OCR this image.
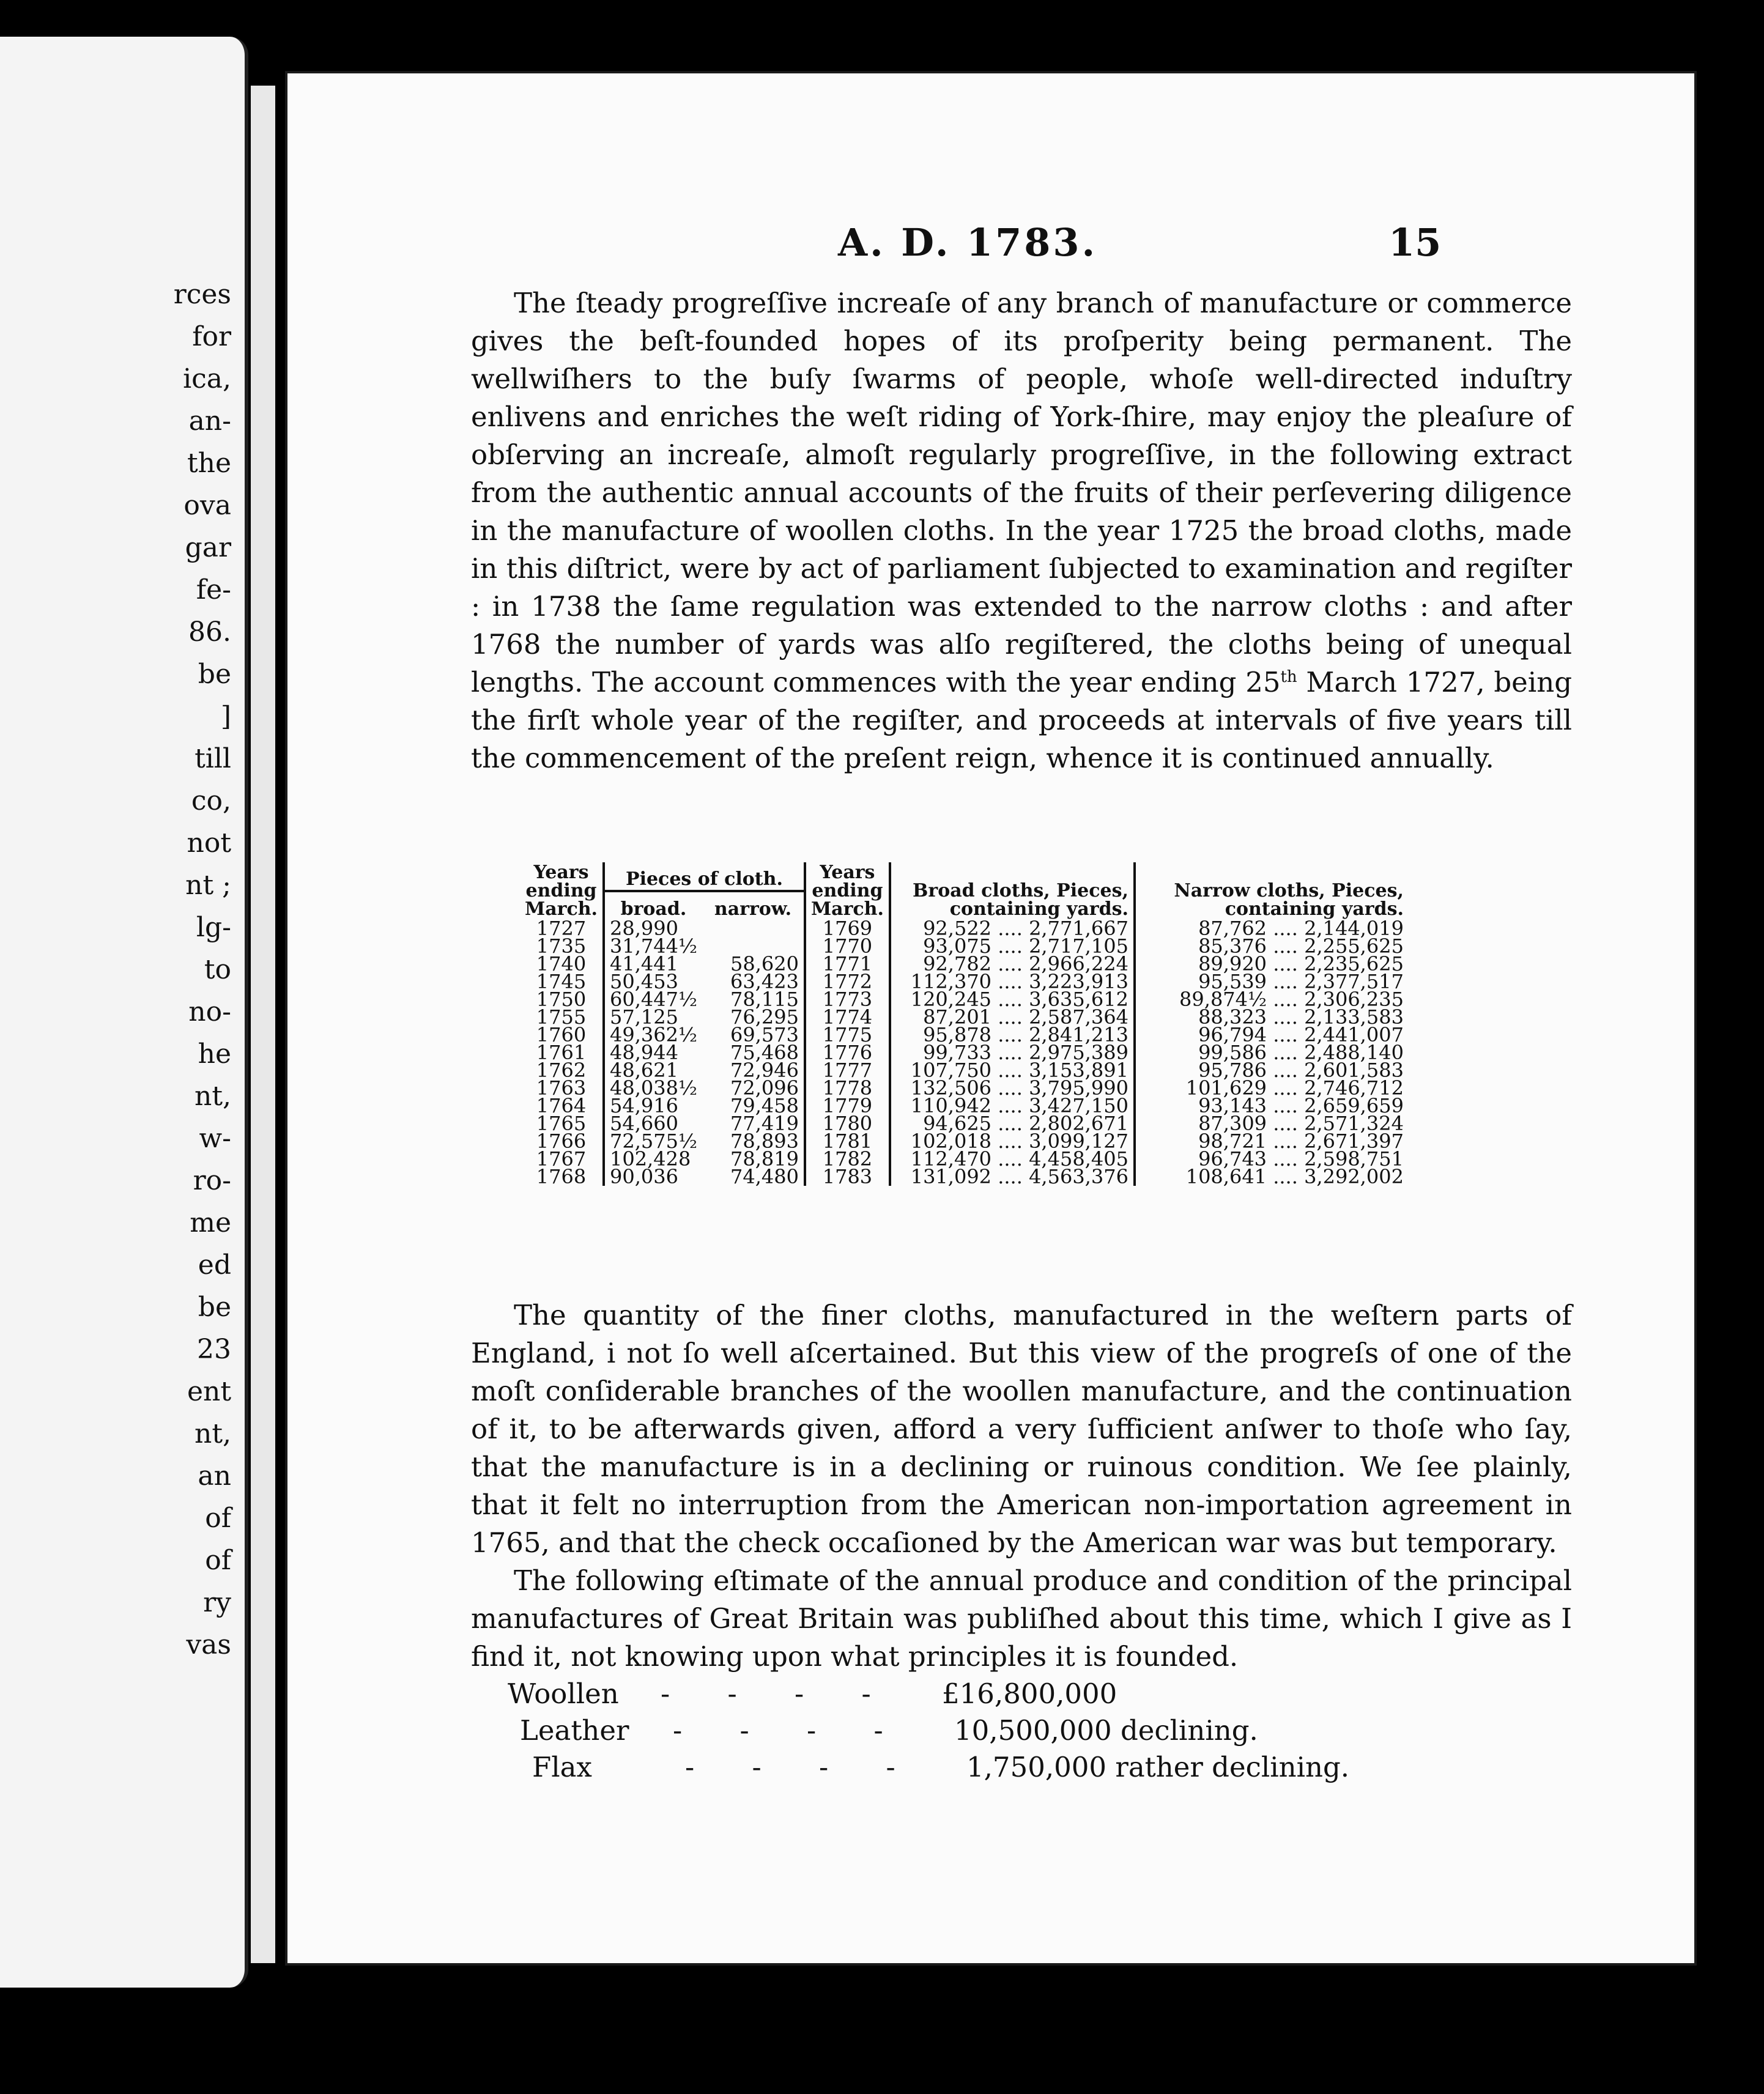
rces
for
ica,
an-
the
ova
gar
fe-
86.
be
]
till
co,
not
nt ;
lg-
to
no-
he
nt,
w-
ro-
me
ed
be
23
ent
nt,
an
of
of
ry
vas
A. D. 1783.	15

The ſteady progreſſive increaſe of any branch of manufacture or commerce gives the beſt-founded hopes of its proſperity being permanent. The wellwiſhers to the buſy ſwarms of people, whoſe well-directed induſtry enlivens and enriches the weſt riding of York-ſhire, may enjoy the pleaſure of obſerving an increaſe, almoſt regularly progreſſive, in the following extract from the authentic annual accounts of the fruits of their perſevering diligence in the manufacture of woollen cloths. In the year 1725 the broad cloths, made in this diſtrict, were by act of parliament ſubjected to examination and regiſter : in 1738 the ſame regulation was extended to the narrow cloths : and after 1768 the number of yards was alſo regiſtered, the cloths being of unequal lengths. The account commences with the year ending 25th March 1727, being the firſt whole year of the regiſter, and proceeds at intervals of five years till the commencement of the preſent reign, whence it is continued annually.

Years ending March.	Pieces of cloth.		Years ending March.	Broad cloths, Pieces, containing yards.	Narrow cloths, Pieces, containing yards.
	broad.	narrow.			
1727	28,990		1769	92,522 .... 2,771,667	87,762 .... 2,144,019
1735	31,744½		1770	93,075 .... 2,717,105	85,376 .... 2,255,625
1740	41,441	58,620	1771	92,782 .... 2,966,224	89,920 .... 2,235,625
1745	50,453	63,423	1772	112,370 .... 3,223,913	95,539 .... 2,377,517
1750	60,447½	78,115	1773	120,245 .... 3,635,612	89,874½ .... 2,306,235
1755	57,125	76,295	1774	87,201 .... 2,587,364	88,323 .... 2,133,583
1760	49,362½	69,573	1775	95,878 .... 2,841,213	96,794 .... 2,441,007
1761	48,944	75,468	1776	99,733 .... 2,975,389	99,586 .... 2,488,140
1762	48,621	72,946	1777	107,750 .... 3,153,891	95,786 .... 2,601,583
1763	48,038½	72,096	1778	132,506 .... 3,795,990	101,629 .... 2,746,712
1764	54,916	79,458	1779	110,942 .... 3,427,150	93,143 .... 2,659,659
1765	54,660	77,419	1780	94,625 .... 2,802,671	87,309 .... 2,571,324
1766	72,575½	78,893	1781	102,018 .... 3,099,127	98,721 .... 2,671,397
1767	102,428	78,819	1782	112,470 .... 4,458,405	96,743 .... 2,598,751
1768	90,036	74,480	1783	131,092 .... 4,563,376	108,641 .... 3,292,002

The quantity of the finer cloths, manufactured in the weſtern parts of England, i not ſo well aſcertained. But this view of the progreſs of one of the moſt conſiderable branches of the woollen manufacture, and the continuation of it, to be afterwards given, afford a very ſufficient anſwer to thoſe who ſay, that the manufacture is in a declining or ruinous condition. We ſee plainly, that it felt no interruption from the American non-importation agreement in 1765, and that the check occaſioned by the American war was but temporary.

The following eſtimate of the annual produce and condition of the principal manufactures of Great Britain was publiſhed about this time, which I give as I find it, not knowing upon what principles it is founded.

Woollen - - - - £16,800,000
Leather - - - - 10,500,000 declining.
Flax	- - - - 1,750,000 rather declining.
